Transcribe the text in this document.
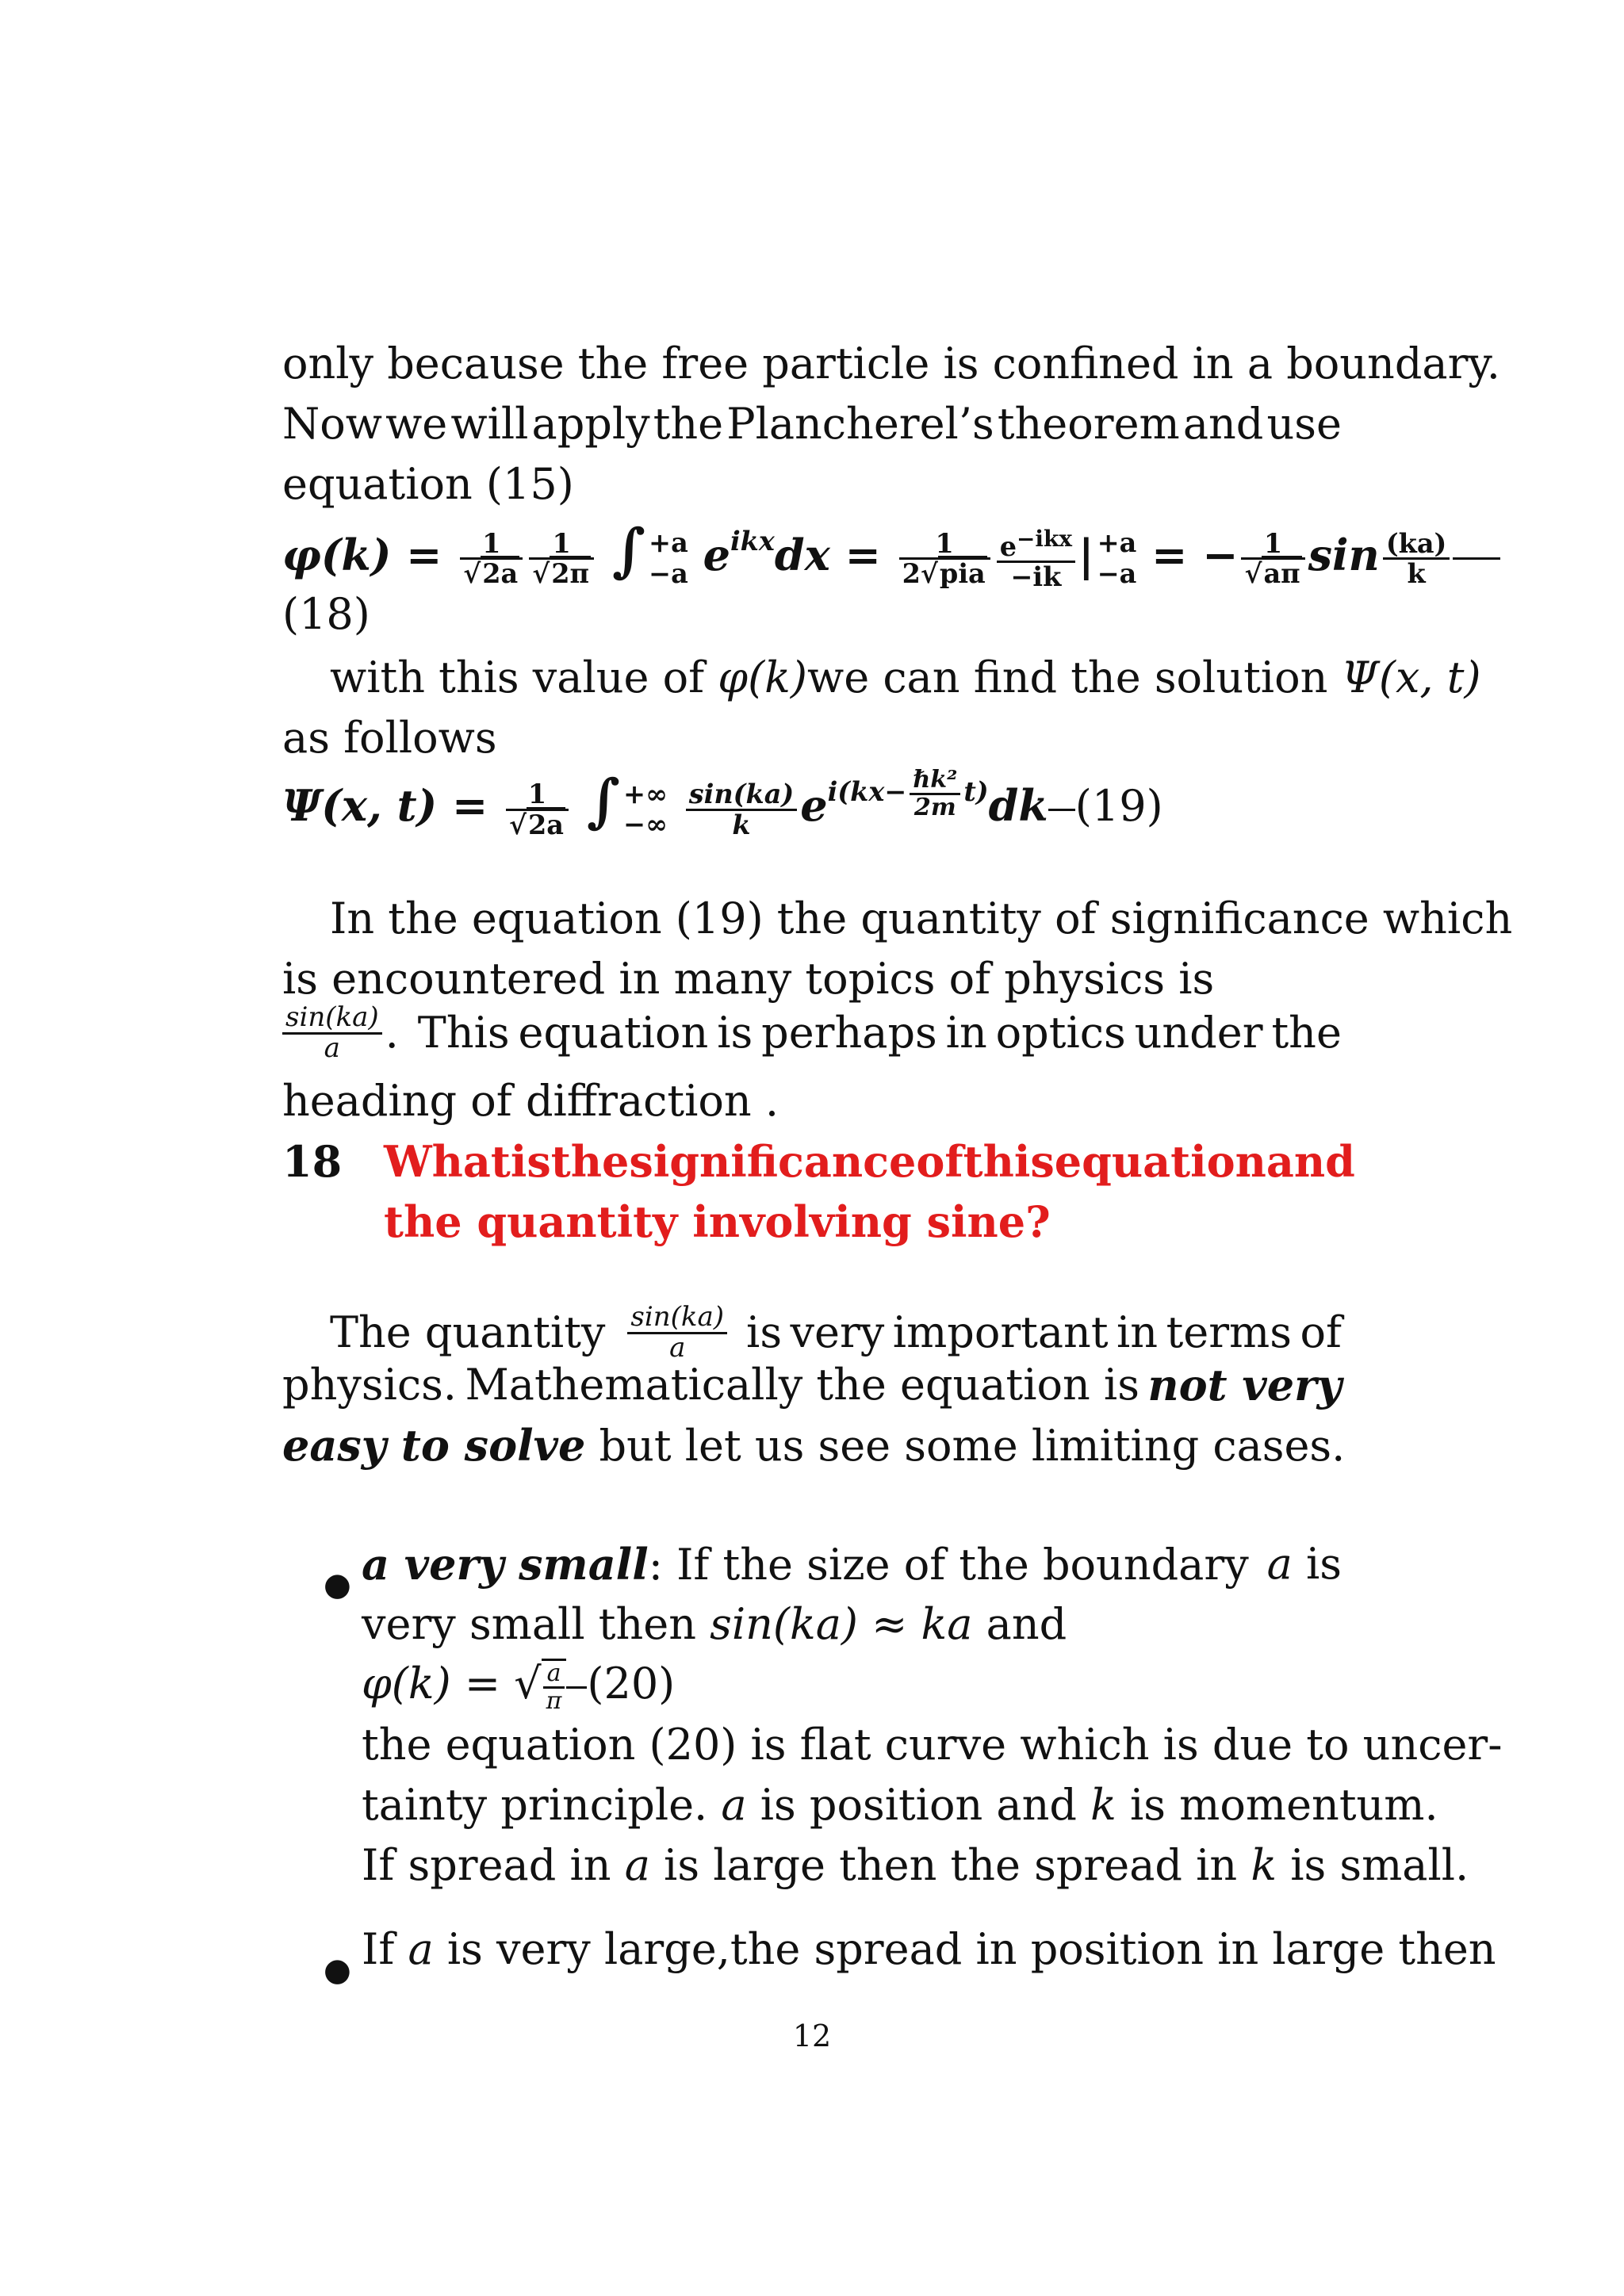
only because the free particle is confined in a boundary.
Now we will apply the Plancherel’s theorem and use
equation (15)
$\varphi(k) = \frac{1}{√2a} \frac{1}{√2\pi}$ ∫ +a
−a $e^{ikx}dx = \frac{1}{\text{2√pia}} \frac{e^{-ikx}}{-ik}$ | +a
−a = − $\frac{1}{√a\pi}$ $\sin \frac{(ka)}{k}$
(18)
with this value of φ(k)we can find the solution Ψ(x, t)
as follows
Ψ(x, $t) = \frac{1}{√2a}$ ∫ +∞
−∞
$\frac{\sin(ka)}{k} e^{i(kx- \frac{\text{ℏk²}}{2m} t)}dk$ (19)
In the equation (19) the quantity of significance which
is encountered in many topics of physics is
$\frac{\sin(ka)}{a}$ . This equation is perhaps in optics under the
heading of diffraction .
18 What is the significance of this equation and
the quantity involving sine?
The quantity $\frac{\sin(ka)}{a}$ is very important in terms of
physics. Mathematically the equation is not very
easy to solve but let us see some limiting cases.
● a very small: If the size of the boundary a is
very small then sin(ka) ≈ ka and
φ(k) = √ $\frac{a}{\pi} (20)$
the equation (20) is flat curve which is due to uncer-
tainty principle. a is position and k is momentum.
If spread in a is large then the spread in k is small.
● If a is very large,the spread in position in large then
12
